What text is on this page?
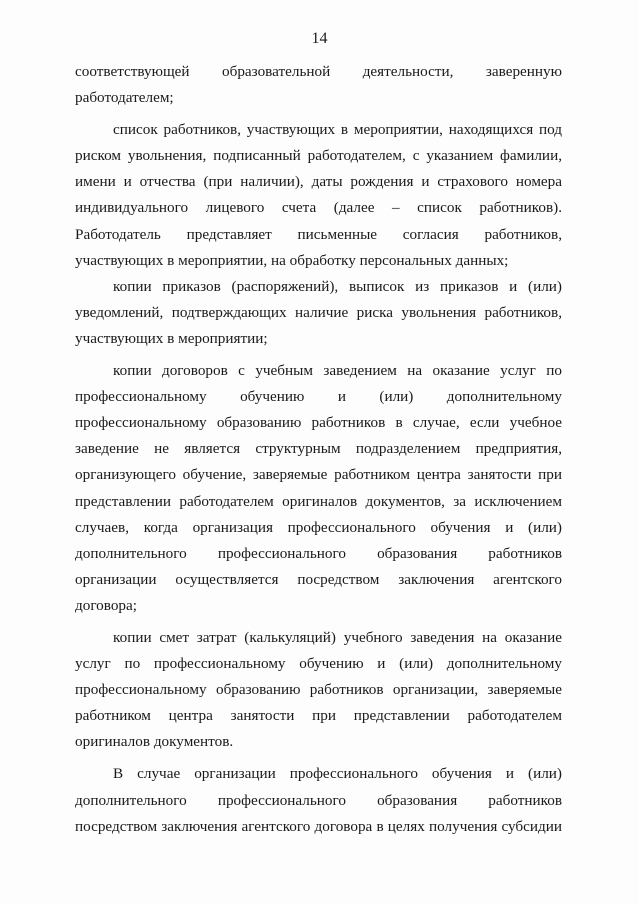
14

соответствующей образовательной деятельности, заверенную работодателем;

список работников, участвующих в мероприятии, находящихся под риском увольнения, подписанный работодателем, с указанием фамилии, имени и отчества (при наличии), даты рождения и страхового номера индивидуального лицевого счета (далее – список работников). Работодатель представляет письменные согласия работников, участвующих в мероприятии, на обработку персональных данных;

копии приказов (распоряжений), выписок из приказов и (или) уведомлений, подтверждающих наличие риска увольнения работников, участвующих в мероприятии;

копии договоров с учебным заведением на оказание услуг по профессиональному обучению и (или) дополнительному профессиональному образованию работников в случае, если учебное заведение не является структурным подразделением предприятия, организующего обучение, заверяемые работником центра занятости при представлении работодателем оригиналов документов, за исключением случаев, когда организация профессионального обучения и (или) дополнительного профессионального образования работников организации осуществляется посредством заключения агентского договора;

копии смет затрат (калькуляций) учебного заведения на оказание услуг по профессиональному обучению и (или) дополнительному профессиональному образованию работников организации, заверяемые работником центра занятости при представлении работодателем оригиналов документов.

В случае организации профессионального обучения и (или) дополнительного профессионального образования работников посредством заключения агентского договора в целях получения субсидии
